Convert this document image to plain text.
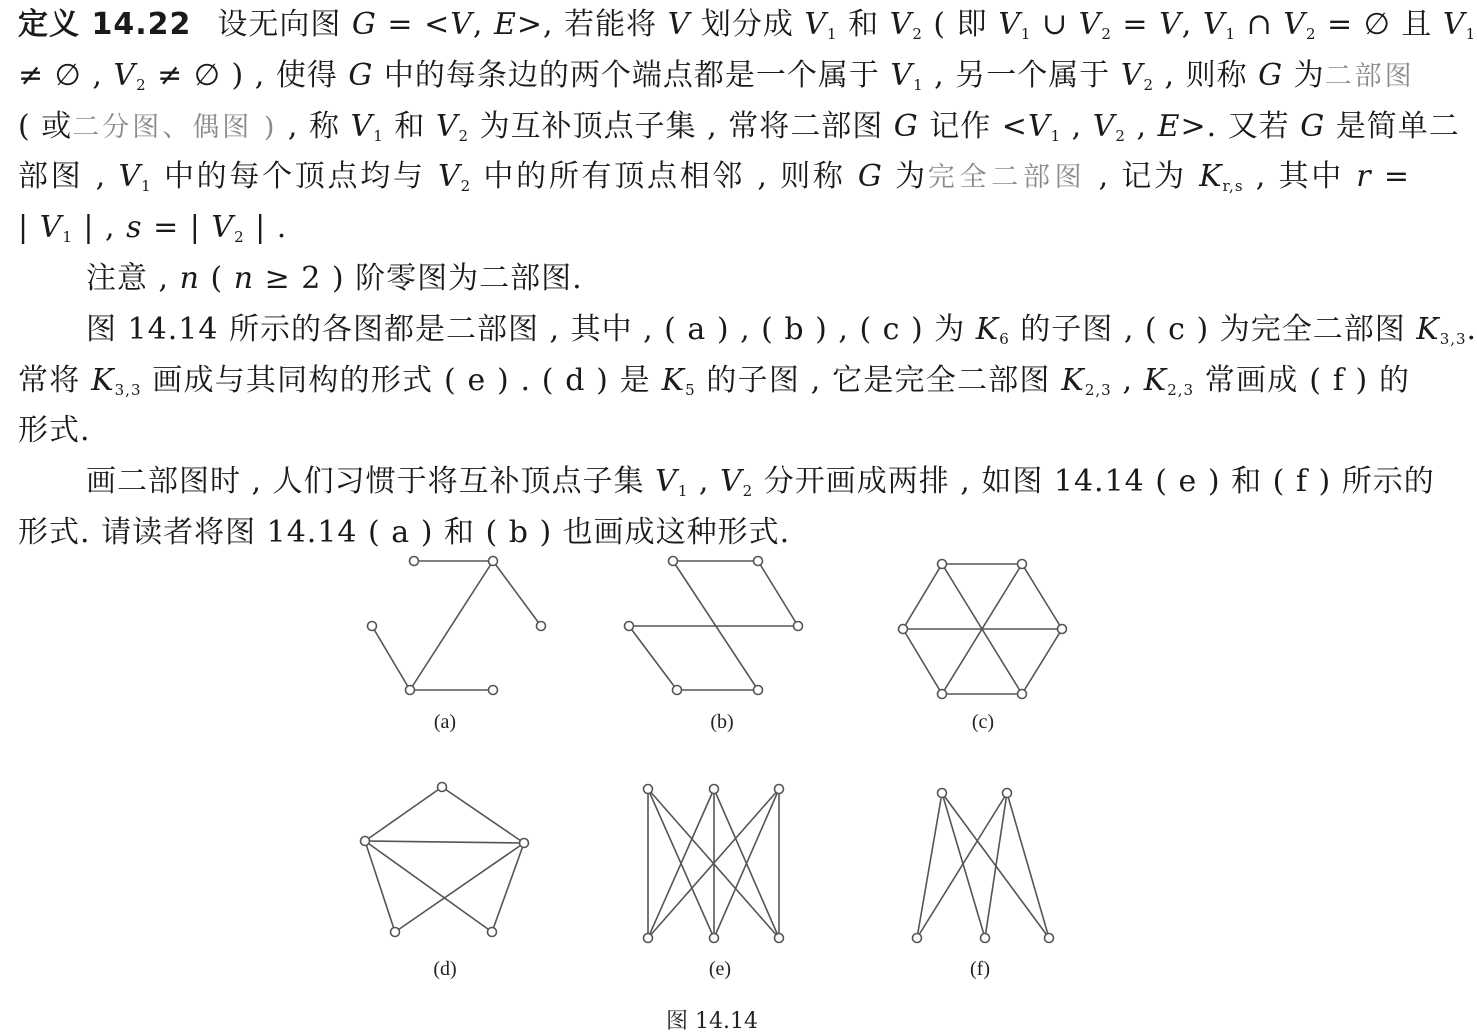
定义 14.22 设无向图 G = <V, E>, 若能将 V 划分成 $V_1$ 和 $V_2$ ( 即 $V_1$ ∪ $V_2 = V$, $V_1$ ∩ $V_2$ = ∅ 且 $V_1$
≠ ∅ , $V_2$ ≠ ∅ ) , 使得 G 中的每条边的两个端点都是一个属于 $V_1$ , 另一个属于 $V_2$ , 则称 G 为二部图
( 或二分图、偶图 ) , 称 $V_1$ 和 $V_2$ 为互补顶点子集 , 常将二部图 G 记作 $<V_1$ , $V_2$ , E>. 又若 G 是简单二
部图 , $V_1$ 中的每个顶点均与 $V_2$ 中的所有顶点相邻 , 则称 G 为完全二部图 , 记为 $K_{r,s}$ , 其中 r =
| $V_1$ | , s = | $V_2$ | .
注意 , n ( n ≥ 2 ) 阶零图为二部图.
图 14.14 所示的各图都是二部图 , 其中 , ( a ) , ( b ) , ( c ) 为 $K_6$ 的子图 , ( c ) 为完全二部图 $K_{3,3}$.
常将 $K_{3,3}$ 画成与其同构的形式 ( e ) . ( d ) 是 $K_5$ 的子图 , 它是完全二部图 $K_{2,3}$ , $K_{2,3}$ 常画成 ( f ) 的
形式.
画二部图时 , 人们习惯于将互补顶点子集 $V_1$ , $V_2$ 分开画成两排 , 如图 14.14 ( e ) 和 ( f ) 所示的
形式. 请读者将图 14.14 ( a ) 和 ( b ) 也画成这种形式.
(a)	(b)	(c)
(d)	(e)	(f)
图 14.14
